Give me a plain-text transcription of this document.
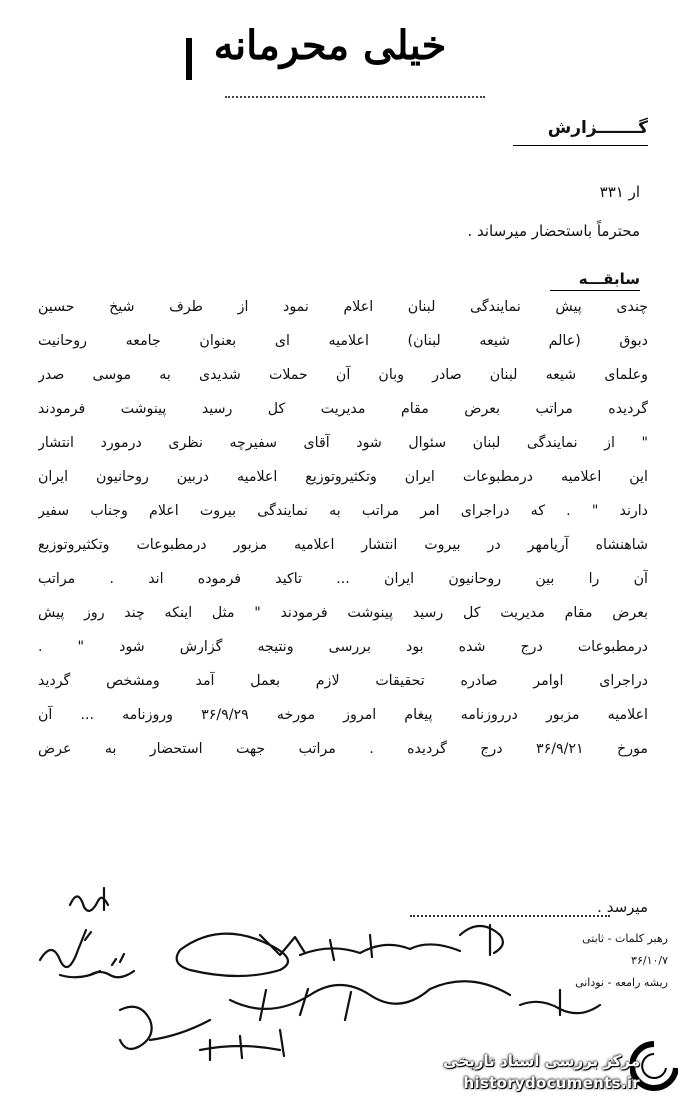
خیلی محرمانه
گـــــــزارش
ار ۳۳۱
محترماً باستحضار میرساند .
سابقـــه
چندی پیش نمایندگی لبنان اعلام نمود از طرف شیخ حسین
دبوق (عالم شیعه لبنان) اعلامیه ای بعنوان جامعه روحانیت
وعلمای شیعه لبنان صادر وبان آن حملات شدیدی به موسی صدر
گردیده مراتب بعرض مقام مدیریت کل رسید پینوشت فرمودند
" از نمایندگی لبنان سئوال شود آقای سفیرچه نظری درمورد انتشار
این اعلامیه درمطبوعات ایران وتکثیروتوزیع اعلامیه دربین روحانیون ایران
دارند " . که دراجرای امر مراتب به نمایندگی بیروت اعلام وجناب سفیر
شاهنشاه آریامهر در بیروت انتشار اعلامیه مزبور درمطبوعات وتکثیروتوزیع
آن را بین روحانیون ایران ... تاکید فرموده اند . مراتب
بعرض مقام مدیریت کل رسید پینوشت فرمودند " مثل اینکه چند روز پیش
درمطبوعات درج شده بود بررسی ونتیجه گزارش شود " .
دراجرای اوامر صادره تحقیقات لازم بعمل آمد ومشخص گردید
اعلامیه مزبور درروزنامه پیغام امروز مورخه ۳۶/۹/۲۹ وروزنامه ... آن
مورخ ۳۶/۹/۲۱ درج گردیده . مراتب جهت استحضار به عرض
میرسد .
رهبر کلمات - ثابتی
۳۶/۱۰/۷
ریشه رامعه - نودانی
مرکز بررسی اسناد تاریخی
historydocuments.ir
